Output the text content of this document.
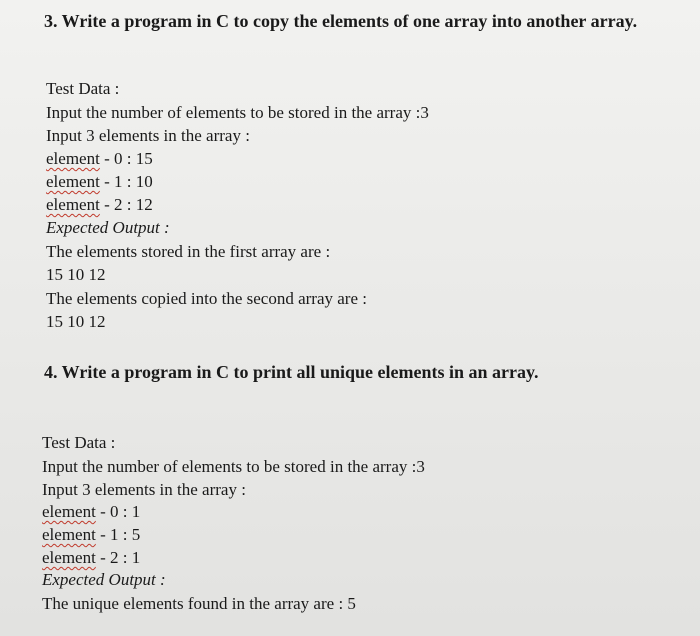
3. Write a program in C to copy the elements of one array into another array.
Test Data :
Input the number of elements to be stored in the array :3
Input 3 elements in the array :
element - 0 : 15
element - 1 : 10
element - 2 : 12
Expected Output :
The elements stored in the first array are :
15 10 12
The elements copied into the second array are :
15 10 12
4. Write a program in C to print all unique elements in an array.
Test Data :
Input the number of elements to be stored in the array :3
Input 3 elements in the array :
element - 0 : 1
element - 1 : 5
element - 2 : 1
Expected Output :
The unique elements found in the array are : 5
